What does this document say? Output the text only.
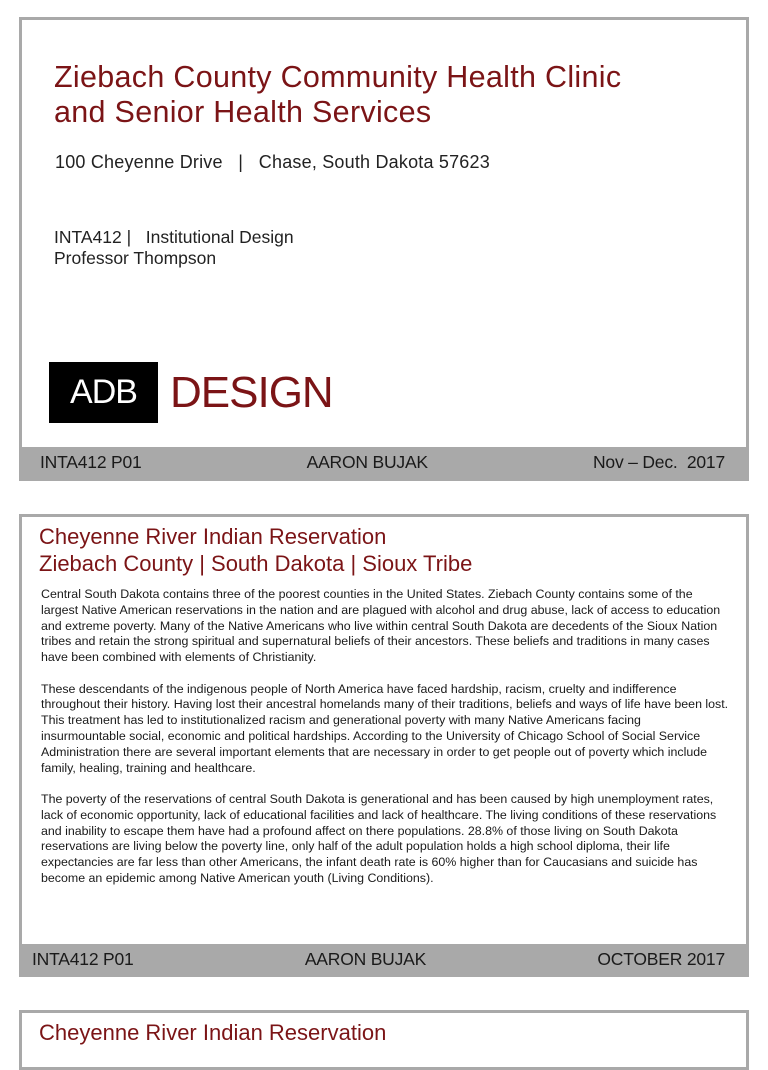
Ziebach County Community Health Clinic
and Senior Health Services
100 Cheyenne Drive   |   Chase, South Dakota 57623
INTA412 |   Institutional Design
Professor Thompson
ADB DESIGN
INTA412 P01	AARON BUJAK	Nov – Dec.  2017
Cheyenne River Indian Reservation
Ziebach County | South Dakota | Sioux Tribe

Central South Dakota contains three of the poorest counties in the United States. Ziebach County contains some of the largest Native American reservations in the nation and are plagued with alcohol and drug abuse, lack of access to education and extreme poverty. Many of the Native Americans who live within central South Dakota are decedents of the Sioux Nation tribes and retain the strong spiritual and supernatural beliefs of their ancestors. These beliefs and traditions in many cases have been combined with elements of Christianity.

These descendants of the indigenous people of North America have faced hardship, racism, cruelty and indifference throughout their history. Having lost their ancestral homelands many of their traditions, beliefs and ways of life have been lost. This treatment has led to institutionalized racism and generational poverty with many Native Americans facing insurmountable social, economic and political hardships. According to the University of Chicago School of Social Service Administration there are several important elements that are necessary in order to get people out of poverty which include family, healing, training and healthcare.

The poverty of the reservations of central South Dakota is generational and has been caused by high unemployment rates, lack of economic opportunity, lack of educational facilities and lack of healthcare. The living conditions of these reservations and inability to escape them have had a profound affect on there populations. 28.8% of those living on South Dakota reservations are living below the poverty line, only half of the adult population holds a high school diploma, their life expectancies are far less than other Americans, the infant death rate is 60% higher than for Caucasians and suicide has become an epidemic among Native American youth (Living Conditions).

INTA412 P01	AARON BUJAK	OCTOBER 2017
Cheyenne River Indian Reservation
